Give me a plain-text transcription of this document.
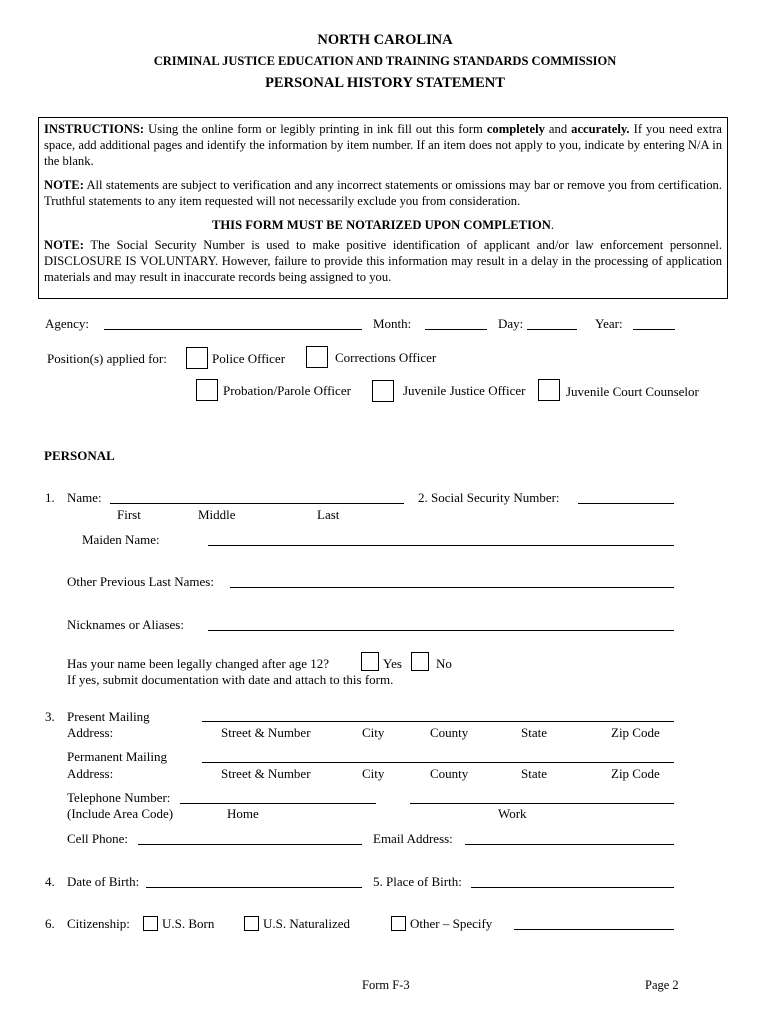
NORTH CAROLINA
CRIMINAL JUSTICE EDUCATION AND TRAINING STANDARDS COMMISSION
PERSONAL HISTORY STATEMENT

INSTRUCTIONS: Using the online form or legibly printing in ink fill out this form completely and accurately. If you need extra space, add additional pages and identify the information by item number. If an item does not apply to you, indicate by entering N/A in the blank.

NOTE: All statements are subject to verification and any incorrect statements or omissions may bar or remove you from certification. Truthful statements to any item requested will not necessarily exclude you from consideration.

THIS FORM MUST BE NOTARIZED UPON COMPLETION.

NOTE: The Social Security Number is used to make positive identification of applicant and/or law enforcement personnel. DISCLOSURE IS VOLUNTARY. However, failure to provide this information may result in a delay in the processing of application materials and may result in inaccurate records being assigned to you.

Agency:	Month:	Day:	Year:
Position(s) applied for:	Police Officer	Corrections Officer
Probation/Parole Officer	Juvenile Justice Officer	Juvenile Court Counselor
PERSONAL
1. Name:
First	Middle	Last
2. Social Security Number:
Maiden Name:
Other Previous Last Names:
Nicknames or Aliases:
Has your name been legally changed after age 12?	Yes	No
If yes, submit documentation with date and attach to this form.
3. Present Mailing
Address:	Street & Number	City	County	State	Zip Code
Permanent Mailing
Address:	Street & Number	City	County	State	Zip Code
Telephone Number:
(Include Area Code)	Home	Work
Cell Phone:	Email Address:
4. Date of Birth:	5. Place of Birth:
6. Citizenship: U.S. Born	U.S. Naturalized	Other – Specify
Form F-3	Page 2
